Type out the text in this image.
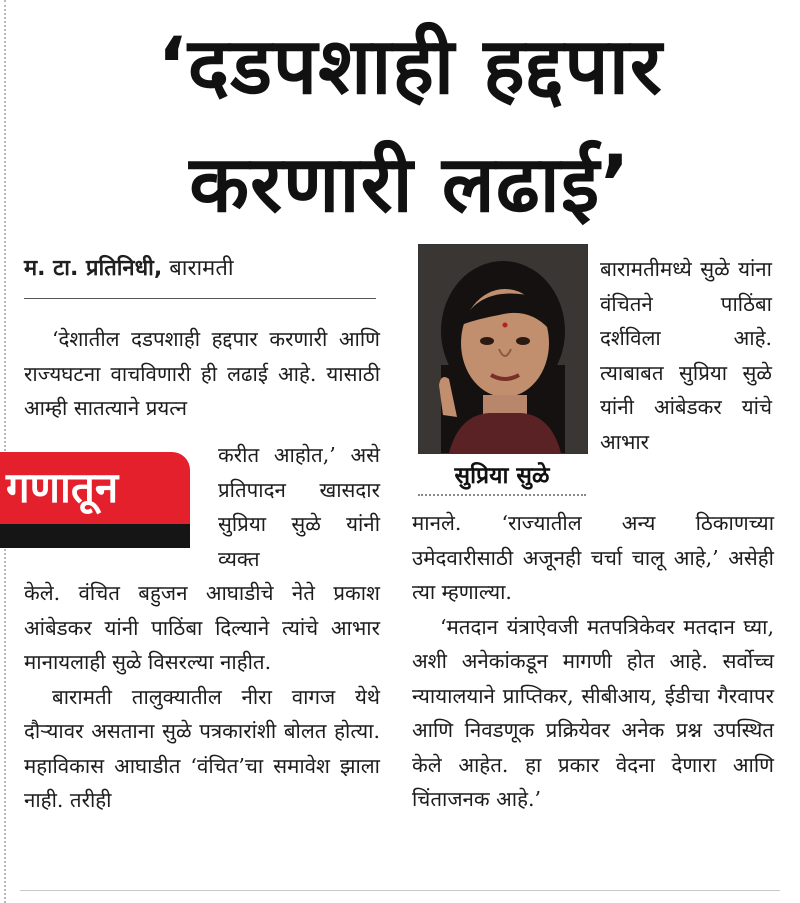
‘दडपशाही हद्दपार
करणारी लढाई’
म. टा. प्रतिनिधी, बारामती

‘देशातील दडपशाही हद्दपार करणारी आणि राज्यघटना वाचविणारी ही लढाई आहे. यासाठी आम्ही सातत्याने प्रयत्न

गणातून

करीत आहोत,’ असे प्रतिपादन खासदार सुप्रिया सुळे यांनी व्यक्त

केले. वंचित बहुजन आघाडीचे नेते प्रकाश आंबेडकर यांनी पाठिंबा दिल्याने त्यांचे आभार मानायलाही सुळे विसरल्या नाहीत.

बारामती तालुक्यातील नीरा वागज येथे दौऱ्यावर असताना सुळे पत्रकारांशी बोलत होत्या. महाविकास आघाडीत ‘वंचित’चा समावेश झाला नाही. तरीही

सुप्रिया सुळे

बारामतीमध्ये सुळे यांना वंचितने पाठिंबा दर्शविला आहे. त्याबाबत सुप्रिया सुळे यांनी आंबेडकर यांचे आभार

मानले. ‘राज्यातील अन्य ठिकाणच्या उमेदवारीसाठी अजूनही चर्चा चालू आहे,’ असेही त्या म्हणाल्या.

‘मतदान यंत्राऐवजी मतपत्रिकेवर मतदान घ्या, अशी अनेकांकडून मागणी होत आहे. सर्वोच्च न्यायालयाने प्राप्तिकर, सीबीआय, ईडीचा गैरवापर आणि निवडणूक प्रक्रियेवर अनेक प्रश्न उपस्थित केले आहेत. हा प्रकार वेदना देणारा आणि चिंताजनक आहे.’
